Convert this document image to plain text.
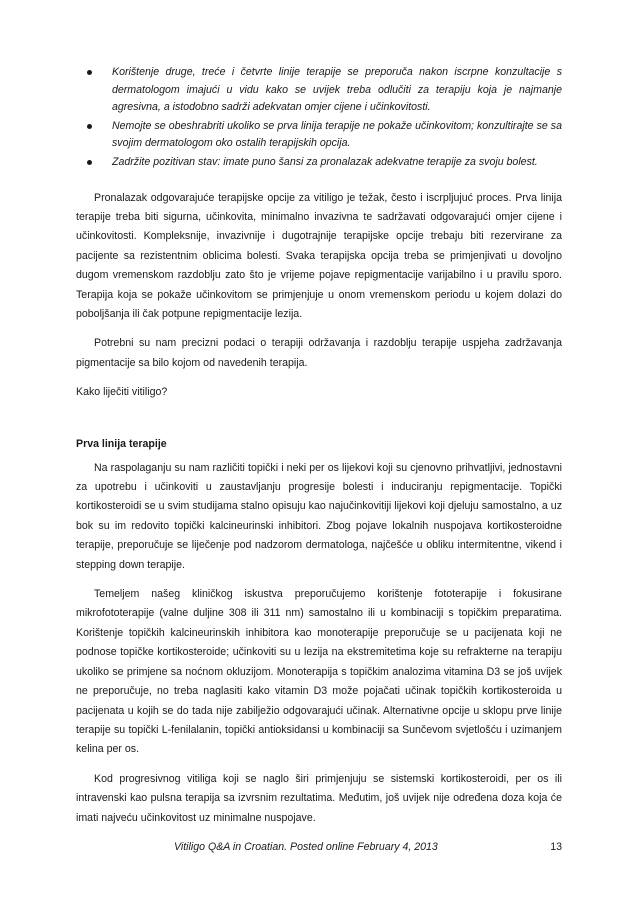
Korištenje druge, treće i četvrte linije terapije se preporuča nakon iscrpne konzultacije s dermatologom imajući u vidu kako se uvijek treba odlučiti za terapiju koja je najmanje agresivna, a istodobno sadrži adekvatan omjer cijene i učinkovitosti.
Nemojte se obeshrabriti ukoliko se prva linija terapije ne pokaže učinkovitom; konzultirajte se sa svojim dermatologom oko ostalih terapijskih opcija.
Zadržite pozitivan stav: imate puno šansi za pronalazak adekvatne terapije za svoju bolest.

Pronalazak odgovarajuće terapijske opcije za vitiligo je težak, često i iscrpljujuć proces. Prva linija terapije treba biti sigurna, učinkovita, minimalno invazivna te sadržavati odgovarajući omjer cijene i učinkovitosti. Kompleksnije, invazivnije i dugotrajnije terapijske opcije trebaju biti rezervirane za pacijente sa rezistentnim oblicima bolesti. Svaka terapijska opcija treba se primjenjivati u dovoljno dugom vremenskom razdoblju zato što je vrijeme pojave repigmentacije varijabilno i u pravilu sporo. Terapija koja se pokaže učinkovitom se primjenjuje u onom vremenskom periodu u kojem dolazi do poboljšanja ili čak potpune repigmentacije lezija.

Potrebni su nam precizni podaci o terapiji održavanja i razdoblju terapije uspjeha zadržavanja pigmentacije sa bilo kojom od navedenih terapija.

Kako liječiti vitiligo?

Prva linija terapije

Na raspolaganju su nam različiti topički i neki per os lijekovi koji su cjenovno prihvatljivi, jednostavni za upotrebu i učinkoviti u zaustavljanju progresije bolesti i induciranju repigmentacije. Topički kortikosteroidi se u svim studijama stalno opisuju kao najučinkovitiji lijekovi koji djeluju samostalno, a uz bok su im redovito topički kalcineurinski inhibitori. Zbog pojave lokalnih nuspojava kortikosteroidne terapije, preporučuje se liječenje pod nadzorom dermatologa, najčešće u obliku intermitentne, vikend i stepping down terapije.

Temeljem našeg kliničkog iskustva preporučujemo korištenje fototerapije i fokusirane mikrofototerapije (valne duljine 308 ili 311 nm) samostalno ili u kombinaciji s topičkim preparatima. Korištenje topičkih kalcineurinskih inhibitora kao monoterapije preporučuje se u pacijenata koji ne podnose topičke kortikosteroide; učinkoviti su u lezija na ekstremitetima koje su refrakterne na terapiju ukoliko se primjene sa noćnom okluzijom. Monoterapija s topičkim analozima vitamina D3 se još uvijek ne preporučuje, no treba naglasiti kako vitamin D3 može pojačati učinak topičkih kortikosteroida u pacijenata u kojih se do tada nije zabilježio odgovarajući učinak. Alternativne opcije u sklopu prve linije terapije su topički L-fenilalanin, topički antioksidansi u kombinaciji sa Sunčevom svjetlošću i uzimanjem kelina per os.

Kod progresivnog vitiliga koji se naglo širi primjenjuju se sistemski kortikosteroidi, per os ili intravenski kao pulsna terapija sa izvrsnim rezultatima. Međutim, još uvijek nije određena doza koja će imati najveću učinkovitost uz minimalne nuspojave.

Vitiligo Q&A in Croatian. Posted online February 4, 2013	13
